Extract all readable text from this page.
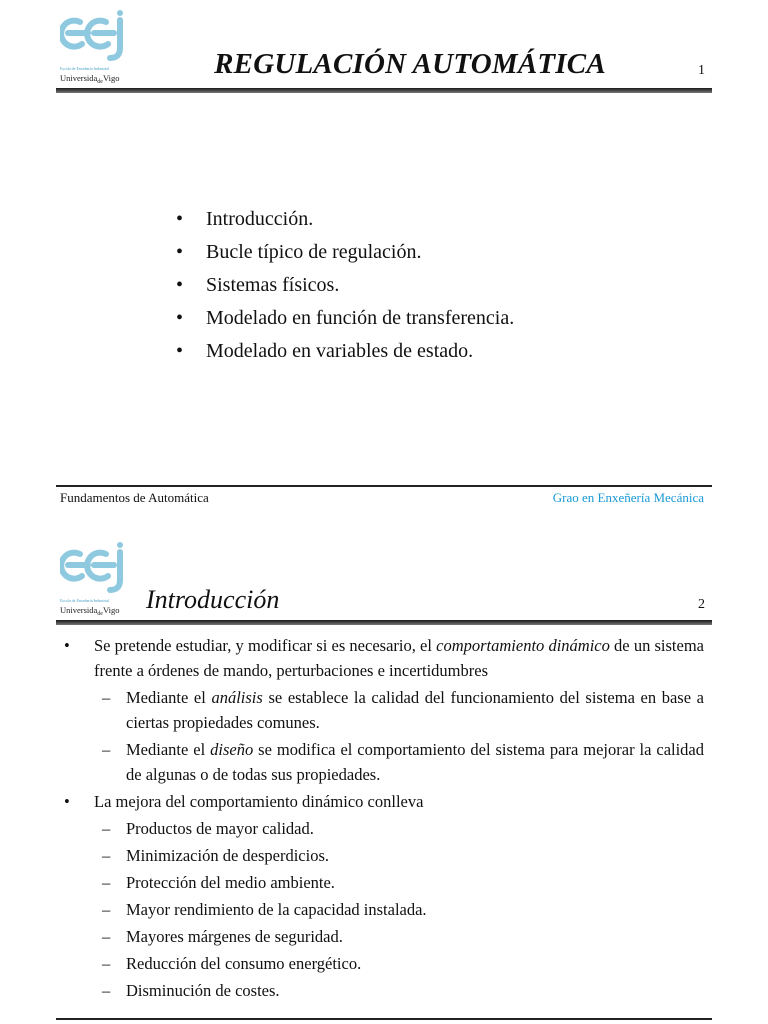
Escola de Enxeñaría Industrial
Universida$_{de}$Vigo	REGULACIÓN AUTOMÁTICA	1
• Introducción.
• Bucle típico de regulación.
• Sistemas físicos.
• Modelado en función de transferencia.
• Modelado en variables de estado.
Fundamentos de Automática	Grao en Enxeñería Mecánica
Escola de Enxeñaría Industrial
Universida$_{de}$Vigo Introducción	2
• Se pretende estudiar, y modificar si es necesario, el comportamiento dinámico de un sistema frente a órdenes de mando, perturbaciones e incertidumbres
– Mediante el análisis se establece la calidad del funcionamiento del sistema en base a ciertas propiedades comunes.
– Mediante el diseño se modifica el comportamiento del sistema para mejorar la calidad de algunas o de todas sus propiedades.
• La mejora del comportamiento dinámico conlleva
– Productos de mayor calidad.
– Minimización de desperdicios.
– Protección del medio ambiente.
– Mayor rendimiento de la capacidad instalada.
– Mayores márgenes de seguridad.
– Reducción del consumo energético.
– Disminución de costes.
